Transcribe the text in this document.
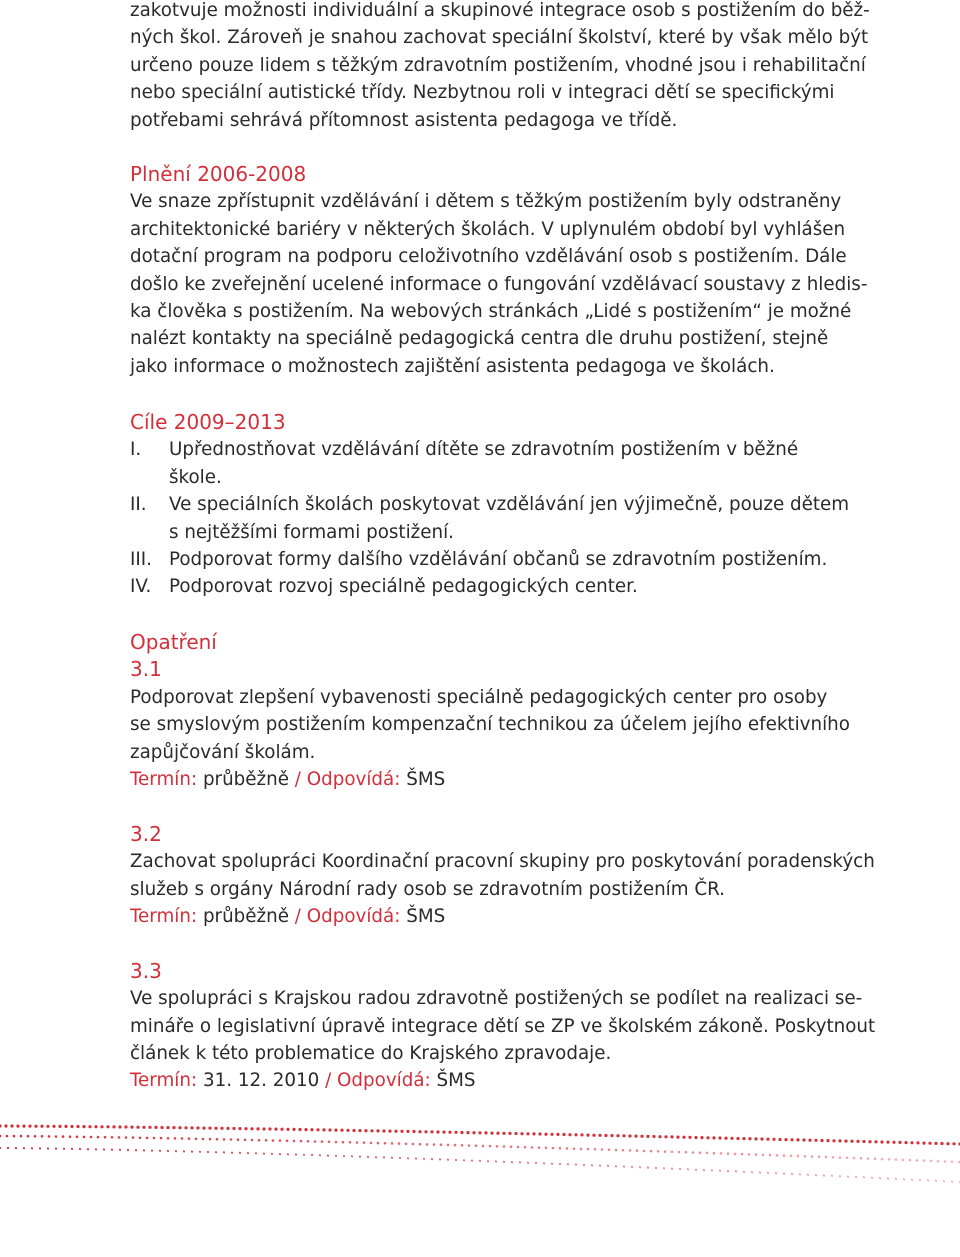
zakotvuje možnosti individuální a skupinové integrace osob s postižením do běž-
ných škol. Zároveň je snahou zachovat speciální školství, které by však mělo být
určeno pouze lidem s těžkým zdravotním postižením, vhodné jsou i rehabilitační
nebo speciální autistické třídy. Nezbytnou roli v integraci dětí se specifickými
potřebami sehrává přítomnost asistenta pedagoga ve třídě.
Plnění 2006-2008
Ve snaze zpřístupnit vzdělávání i dětem s těžkým postižením byly odstraněny
architektonické bariéry v některých školách. V uplynulém období byl vyhlášen
dotační program na podporu celoživotního vzdělávání osob s postižením. Dále
došlo ke zveřejnění ucelené informace o fungování vzdělávací soustavy z hledis-
ka člověka s postižením. Na webových stránkách „Lidé s postižením“ je možné
nalézt kontakty na speciálně pedagogická centra dle druhu postižení, stejně
jako informace o možnostech zajištění asistenta pedagoga ve školách.
Cíle 2009–2013
I.	Upřednostňovat vzdělávání dítěte se zdravotním postižením v běžné
škole.
II.	Ve speciálních školách poskytovat vzdělávání jen výjimečně, pouze dětem
s nejtěžšími formami postižení.
III. Podporovat formy dalšího vzdělávání občanů se zdravotním postižením.
IV. Podporovat rozvoj speciálně pedagogických center.
Opatření
3.1
Podporovat zlepšení vybavenosti speciálně pedagogických center pro osoby
se smyslovým postižením kompenzační technikou za účelem jejího efektivního
zapůjčování školám.
Termín: průběžně / Odpovídá: ŠMS
3.2
Zachovat spolupráci Koordinační pracovní skupiny pro poskytování poradenských
služeb s orgány Národní rady osob se zdravotním postižením ČR.
Termín: průběžně / Odpovídá: ŠMS
3.3
Ve spolupráci s Krajskou radou zdravotně postižených se podílet na realizaci se-
mináře o legislativní úpravě integrace dětí se ZP ve školském zákoně. Poskytnout
článek k této problematice do Krajského zpravodaje.
Termín: 31. 12. 2010 / Odpovídá: ŠMS
